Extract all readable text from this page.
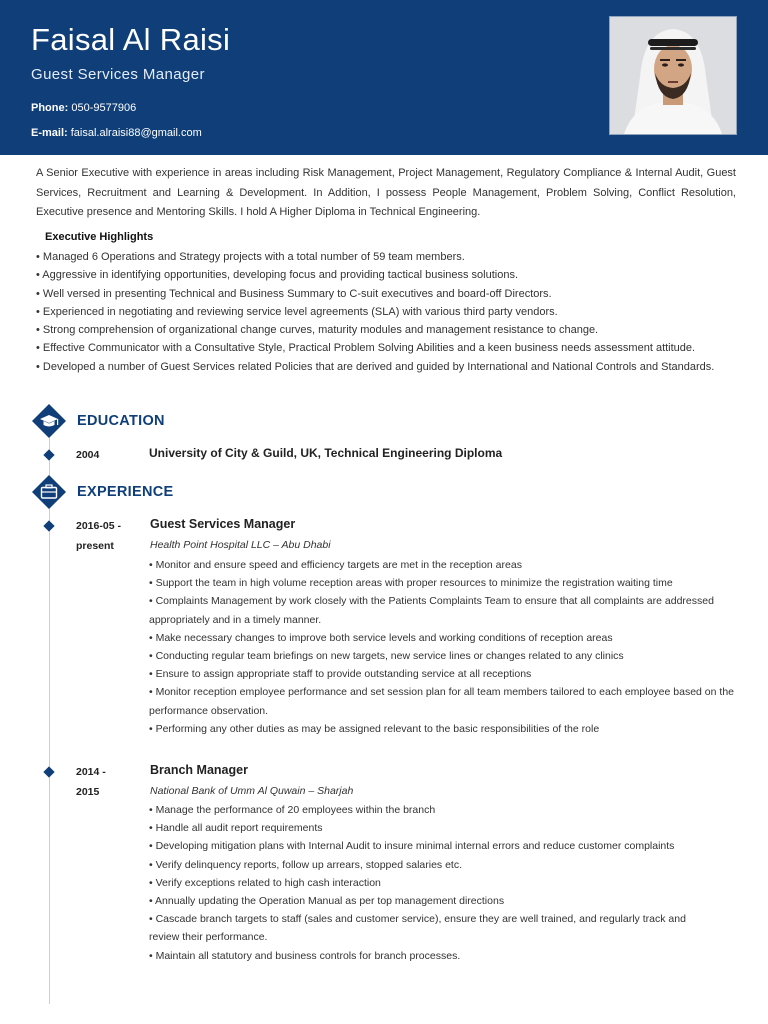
Faisal Al Raisi
Guest Services Manager
Phone: 050-9577906
E-mail: faisal.alraisi88@gmail.com
A Senior Executive with experience in areas including Risk Management, Project Management, Regulatory Compliance & Internal Audit, Guest Services, Recruitment and Learning & Development. In Addition, I possess People Management, Problem Solving, Conflict Resolution, Executive presence and Mentoring Skills. I hold A Higher Diploma in Technical Engineering.
Executive Highlights
• Managed 6 Operations and Strategy projects with a total number of 59 team members.
• Aggressive in identifying opportunities, developing focus and providing tactical business solutions.
• Well versed in presenting Technical and Business Summary to C-suit executives and board-off Directors.
• Experienced in negotiating and reviewing service level agreements (SLA) with various third party vendors.
• Strong comprehension of organizational change curves, maturity modules and management resistance to change.
• Effective Communicator with a Consultative Style, Practical Problem Solving Abilities and a keen business needs assessment attitude.
• Developed a number of Guest Services related Policies that are derived and guided by International and National Controls and Standards.
EDUCATION
2004	University of City & Guild, UK, Technical Engineering Diploma
EXPERIENCE
2016-05 -
present
Guest Services Manager
Health Point Hospital LLC – Abu Dhabi
• Monitor and ensure speed and efficiency targets are met in the reception areas
• Support the team in high volume reception areas with proper resources to minimize the registration waiting time
• Complaints Management by work closely with the Patients Complaints Team to ensure that all complaints are addressed appropriately and in a timely manner.
• Make necessary changes to improve both service levels and working conditions of reception areas
• Conducting regular team briefings on new targets, new service lines or changes related to any clinics
• Ensure to assign appropriate staff to provide outstanding service at all receptions
• Monitor reception employee performance and set session plan for all team members tailored to each employee based on the performance observation.
• Performing any other duties as may be assigned relevant to the basic responsibilities of the role
2014 -
2015
Branch Manager
National Bank of Umm Al Quwain – Sharjah
• Manage the performance of 20 employees within the branch
• Handle all audit report requirements
• Developing mitigation plans with Internal Audit to insure minimal internal errors and reduce customer complaints
• Verify delinquency reports, follow up arrears, stopped salaries etc.
• Verify exceptions related to high cash interaction
• Annually updating the Operation Manual as per top management directions
• Cascade branch targets to staff (sales and customer service), ensure they are well trained, and regularly track and review their performance.
• Maintain all statutory and business controls for branch processes.
